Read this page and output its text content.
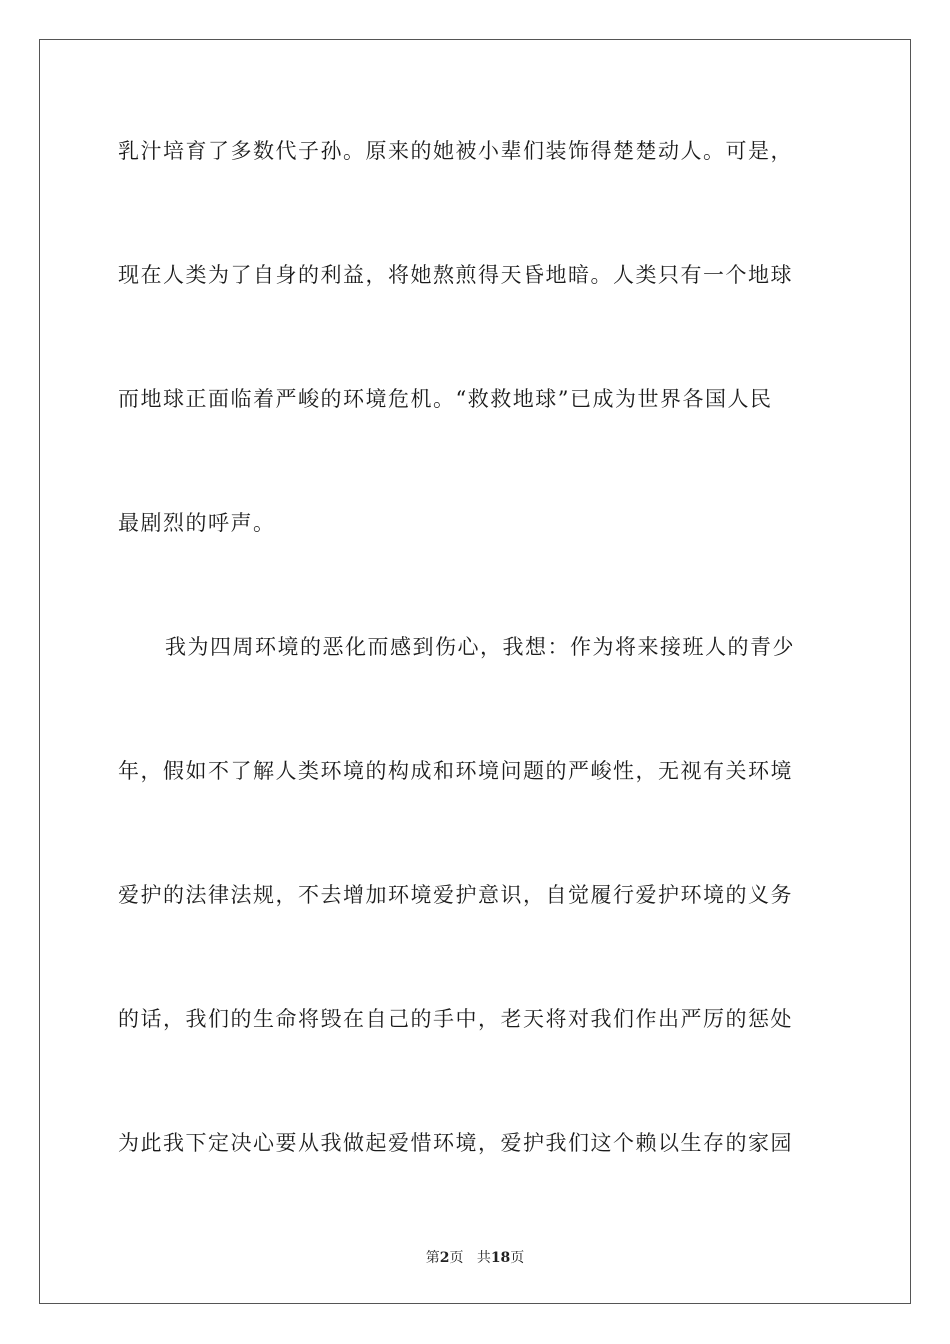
乳汁培育了多数代子孙。原来的她被小辈们装饰得楚楚动人。可是，
现在人类为了自身的利益，将她熬煎得天昏地暗。人类只有一个地球
而地球正面临着严峻的环境危机。“救救地球”已成为世界各国人民
最剧烈的呼声。
我为四周环境的恶化而感到伤心，我想：作为将来接班人的青少
年，假如不了解人类环境的构成和环境问题的严峻性，无视有关环境
爱护的法律法规，不去增加环境爱护意识，自觉履行爱护环境的义务
的话，我们的生命将毁在自己的手中，老天将对我们作出严厉的惩处
为此我下定决心要从我做起爱惜环境，爱护我们这个赖以生存的家园
第2页 共18页
